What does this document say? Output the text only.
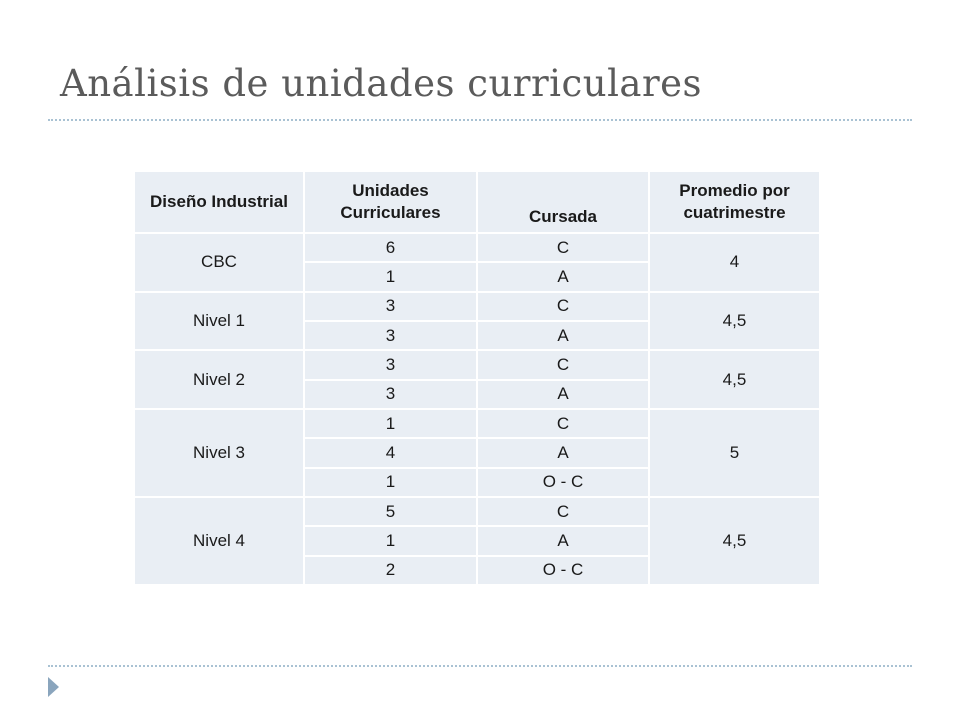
Análisis de unidades curriculares
Diseño Industrial	Unidades Curriculares	Cursada	Promedio por cuatrimestre
CBC	6	C	4
	1	A	
Nivel 1	3	C	4,5
	3	A	
Nivel 2	3	C	4,5
	3	A	
Nivel 3	1	C	5
	4	A	
	1	O - C	
Nivel 4	5	C	4,5
	1	A	
	2	O - C	
